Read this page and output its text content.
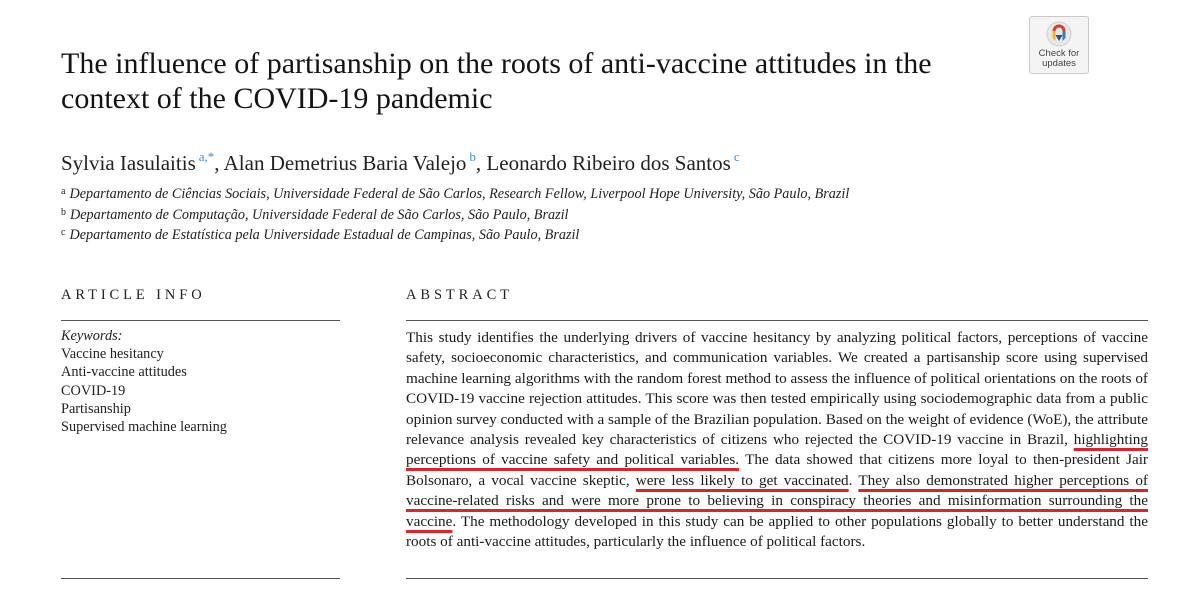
The influence of partisanship on the roots of anti-vaccine attitudes in the context of the COVID-19 pandemic
Check for
updates
Sylvia Iasulaitis $^{a,*}$, Alan Demetrius Baria Valejo $^b$, Leonardo Ribeiro dos Santos $^c$
$^a$ Departamento de Ciências Sociais, Universidade Federal de São Carlos, Research Fellow, Liverpool Hope University, São Paulo, Brazil
$^b$ Departamento de Computação, Universidade Federal de São Carlos, São Paulo, Brazil
$^c$ Departamento de Estatística pela Universidade Estadual de Campinas, São Paulo, Brazil
ARTICLE INFO	ABSTRACT
Keywords:
Vaccine hesitancy
Anti-vaccine attitudes
COVID-19
Partisanship
Supervised machine learning

This study identifies the underlying drivers of vaccine hesitancy by analyzing political factors, perceptions of vaccine safety, socioeconomic characteristics, and communication variables. We created a partisanship score using supervised machine learning algorithms with the random forest method to assess the influence of political orientations on the roots of COVID-19 vaccine rejection attitudes. This score was then tested empirically using sociodemographic data from a public opinion survey conducted with a sample of the Brazilian population. Based on the weight of evidence (WoE), the attribute relevance analysis revealed key characteristics of citizens who rejected the COVID-19 vaccine in Brazil, highlighting perceptions of vaccine safety and political variables. The data showed that citizens more loyal to then-president Jair Bolsonaro, a vocal vaccine skeptic, were less likely to get vaccinated. They also demonstrated higher perceptions of vaccine-related risks and were more prone to believing in conspiracy theories and misinformation surrounding the vaccine. The methodology developed in this study can be applied to other populations globally to better understand the roots of anti-vaccine attitudes, particularly the influence of political factors.
